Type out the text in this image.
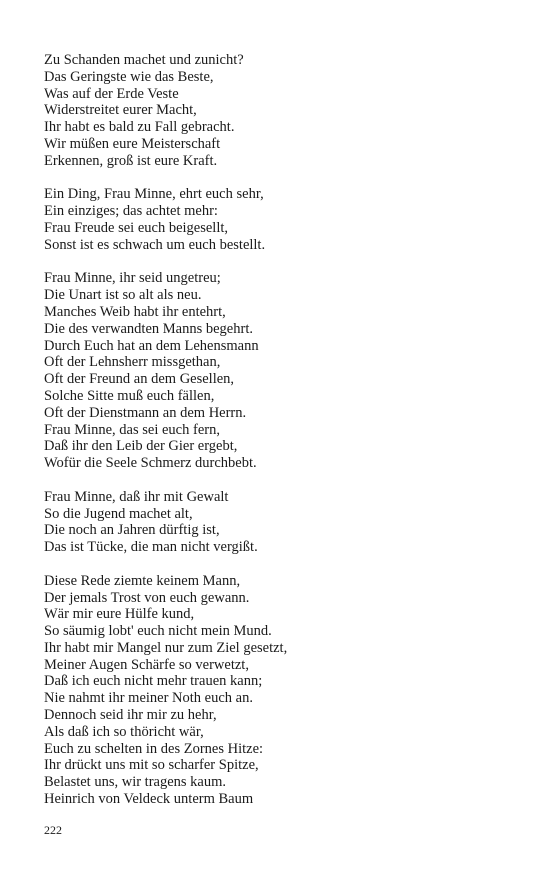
Zu Schanden machet und zunicht?
Das Geringste wie das Beste,
Was auf der Erde Veste
Widerstreitet eurer Macht,
Ihr habt es bald zu Fall gebracht.
Wir müßen eure Meisterschaft
Erkennen, groß ist eure Kraft.
Ein Ding, Frau Minne, ehrt euch sehr,
Ein einziges; das achtet mehr:
Frau Freude sei euch beigesellt,
Sonst ist es schwach um euch bestellt.
Frau Minne, ihr seid ungetreu;
Die Unart ist so alt als neu.
Manches Weib habt ihr entehrt,
Die des verwandten Manns begehrt.
Durch Euch hat an dem Lehensmann
Oft der Lehnsherr missgethan,
Oft der Freund an dem Gesellen,
Solche Sitte muß euch fällen,
Oft der Dienstmann an dem Herrn.
Frau Minne, das sei euch fern,
Daß ihr den Leib der Gier ergebt,
Wofür die Seele Schmerz durchbebt.
Frau Minne, daß ihr mit Gewalt
So die Jugend machet alt,
Die noch an Jahren dürftig ist,
Das ist Tücke, die man nicht vergißt.
Diese Rede ziemte keinem Mann,
Der jemals Trost von euch gewann.
Wär mir eure Hülfe kund,
So säumig lobt' euch nicht mein Mund.
Ihr habt mir Mangel nur zum Ziel gesetzt,
Meiner Augen Schärfe so verwetzt,
Daß ich euch nicht mehr trauen kann;
Nie nahmt ihr meiner Noth euch an.
Dennoch seid ihr mir zu hehr,
Als daß ich so thöricht wär,
Euch zu schelten in des Zornes Hitze:
Ihr drückt uns mit so scharfer Spitze,
Belastet uns, wir tragens kaum.
Heinrich von Veldeck unterm Baum
222
